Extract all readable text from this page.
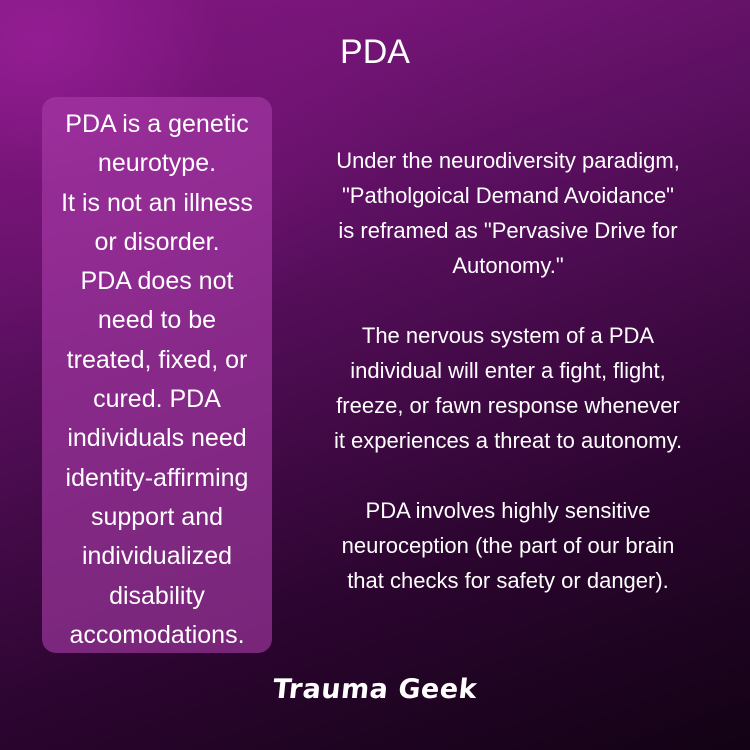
PDA
PDA is a genetic
neurotype.
It is not an illness
or disorder.
PDA does not
need to be
treated, fixed, or
cured. PDA
individuals need
identity-affirming
support and
individualized
disability
accomodations.

Under the neurodiversity paradigm,
"Patholgoical Demand Avoidance"
is reframed as "Pervasive Drive for
Autonomy."

The nervous system of a PDA
individual will enter a fight, flight,
freeze, or fawn response whenever
it experiences a threat to autonomy.

PDA involves highly sensitive
neuroception (the part of our brain
that checks for safety or danger).

Trauma Geek
